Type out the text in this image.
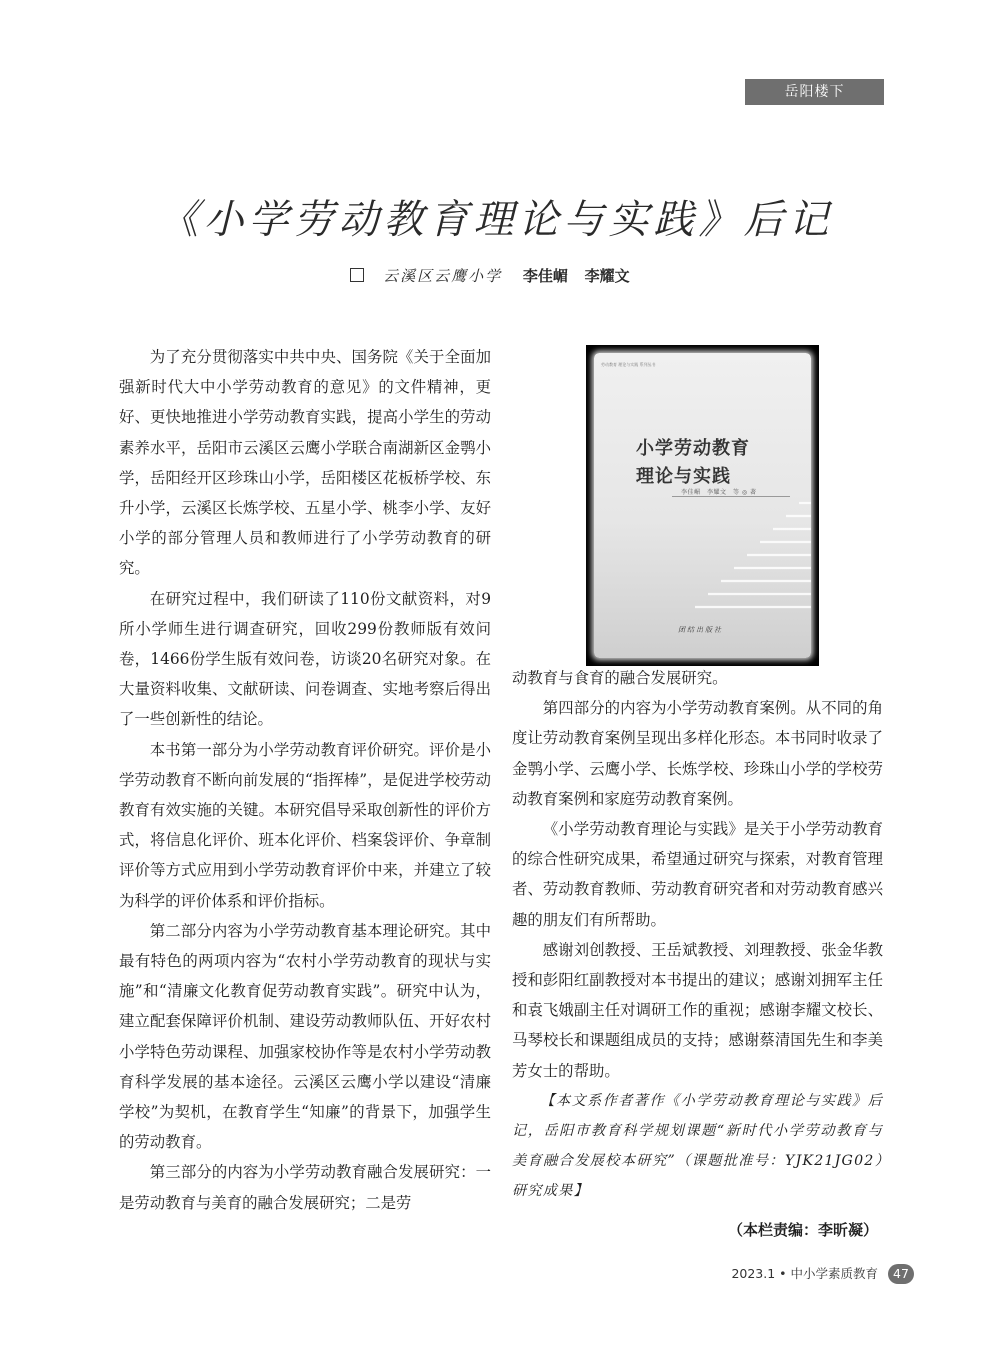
岳阳楼下
《小学劳动教育理论与实践》后记
云溪区云鹰小学 李佳嵋 李耀文

为了充分贯彻落实中共中央、国务院《关于全面加强新时代大中小学劳动教育的意见》的文件精神，更好、更快地推进小学劳动教育实践，提高小学生的劳动素养水平，岳阳市云溪区云鹰小学联合南湖新区金鹗小学，岳阳经开区珍珠山小学，岳阳楼区花板桥学校、东升小学，云溪区长炼学校、五星小学、桃李小学、友好小学的部分管理人员和教师进行了小学劳动教育的研究。

在研究过程中，我们研读了110份文献资料，对9所小学师生进行调查研究，回收299份教师版有效问卷，1466份学生版有效问卷，访谈20名研究对象。在大量资料收集、文献研读、问卷调查、实地考察后得出了一些创新性的结论。

本书第一部分为小学劳动教育评价研究。评价是小学劳动教育不断向前发展的“指挥棒”，是促进学校劳动教育有效实施的关键。本研究倡导采取创新性的评价方式，将信息化评价、班本化评价、档案袋评价、争章制评价等方式应用到小学劳动教育评价中来，并建立了较为科学的评价体系和评价指标。

第二部分内容为小学劳动教育基本理论研究。其中最有特色的两项内容为“农村小学劳动教育的现状与实施”和“清廉文化教育促劳动教育实践”。研究中认为，建立配套保障评价机制、建设劳动教师队伍、开好农村小学特色劳动课程、加强家校协作等是农村小学劳动教育科学发展的基本途径。云溪区云鹰小学以建设“清廉学校”为契机，在教育学生“知廉”的背景下，加强学生的劳动教育。

第三部分的内容为小学劳动教育融合发展研究：一是劳动教育与美育的融合发展研究；二是劳

劳动教育 理论与实践 系列丛书
小学劳动教育
理论与实践
李佳嵋　李耀文　等 ◎ 著
团结出版社

动教育与食育的融合发展研究。

第四部分的内容为小学劳动教育案例。从不同的角度让劳动教育案例呈现出多样化形态。本书同时收录了金鹗小学、云鹰小学、长炼学校、珍珠山小学的学校劳动教育案例和家庭劳动教育案例。

《小学劳动教育理论与实践》是关于小学劳动教育的综合性研究成果，希望通过研究与探索，对教育管理者、劳动教育教师、劳动教育研究者和对劳动教育感兴趣的朋友们有所帮助。

感谢刘创教授、王岳斌教授、刘理教授、张金华教授和彭阳红副教授对本书提出的建议；感谢刘拥军主任和袁飞娥副主任对调研工作的重视；感谢李耀文校长、马琴校长和课题组成员的支持；感谢蔡清国先生和李美芳女士的帮助。

【本文系作者著作《小学劳动教育理论与实践》后记，岳阳市教育科学规划课题“新时代小学劳动教育与美育融合发展校本研究”（课题批准号：YJK21JG02）研究成果】

（本栏责编：李昕凝）
2023.1 • 中小学素质教育 47
